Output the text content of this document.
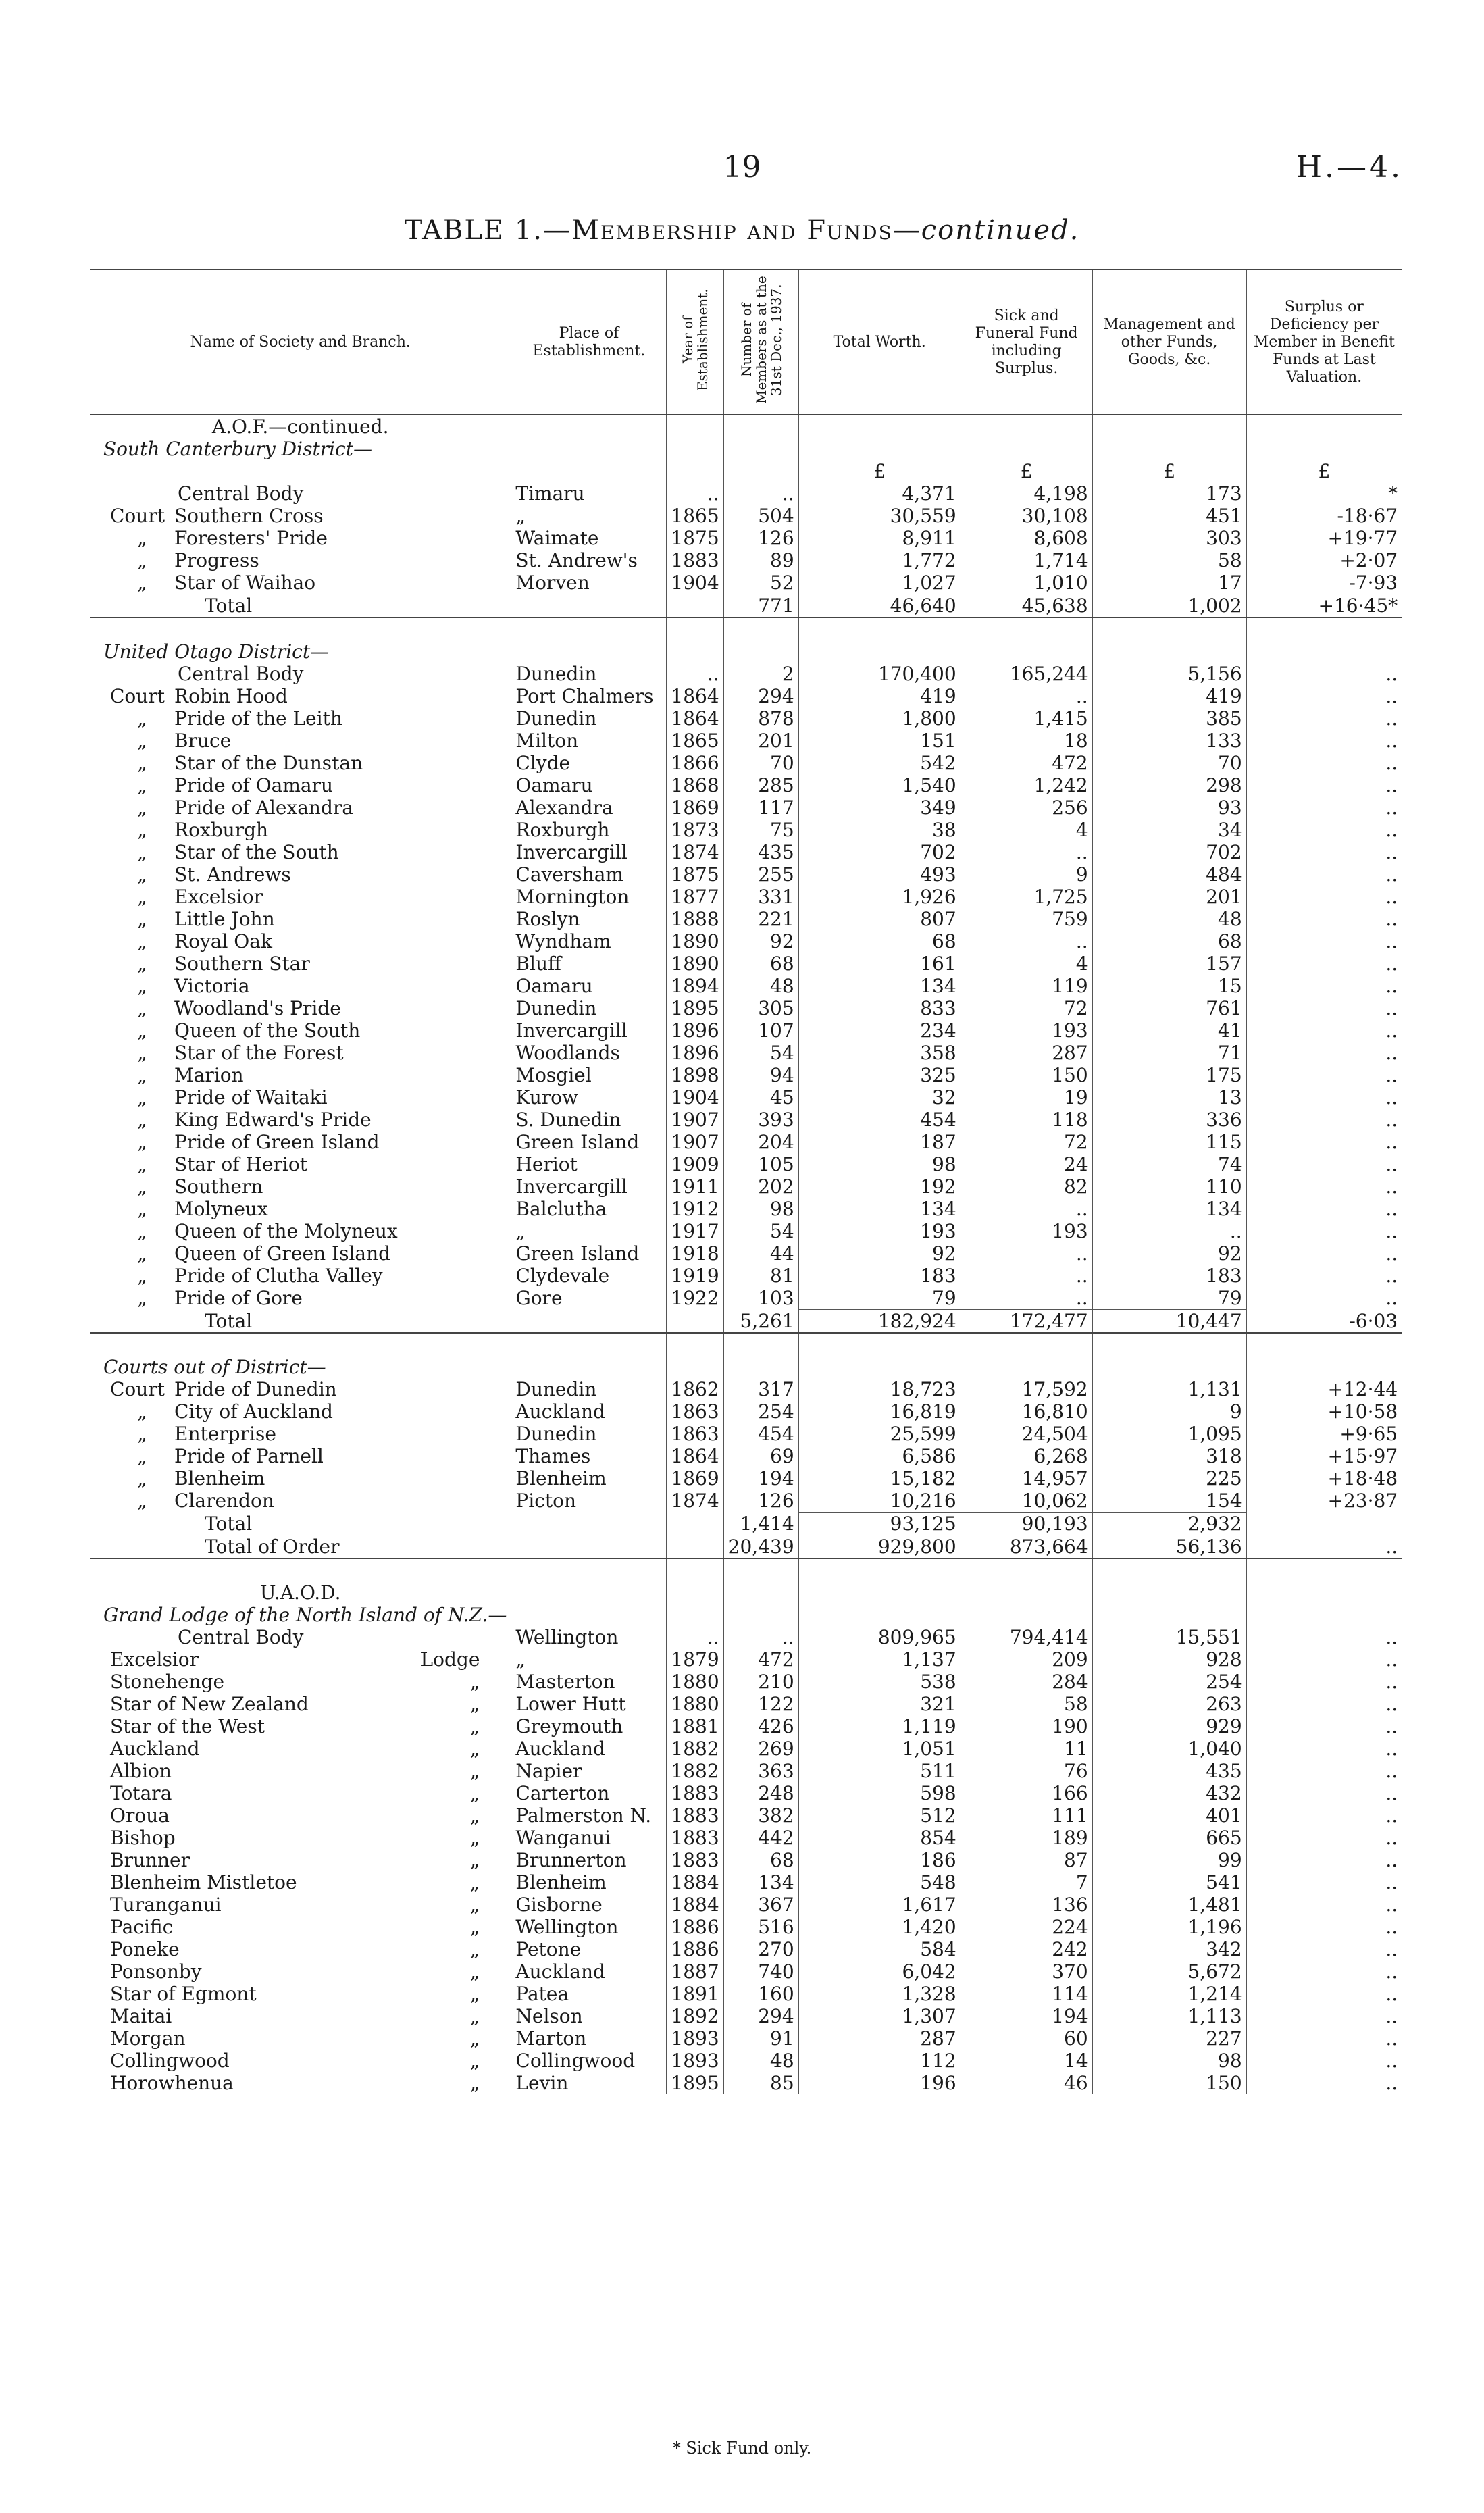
19	H.—4.
TABLE 1.—Membership and Funds—continued.
Name of Society and Branch.	Place of Establishment.	Year of Establishment.	Number of Members as at the 31st Dec., 1937.	Total Worth.	Sick and Funeral Fund including Surplus.	Management and other Funds, Goods, &c.	Surplus or Deficiency per Member in Benefit Funds at Last Valuation.
A.O.F.—continued.							
South Canterbury District—							
				£	£	£	£
Central Body	Timaru	..	..	4,371	4,198	173	*
Court Southern Cross	„	1865	504	30,559	30,108	451	-18·67
„ Foresters' Pride	Waimate	1875	126	8,911	8,608	303	+19·77
„ Progress	St. Andrew's	1883	89	1,772	1,714	58	+2·07
„ Star of Waihao	Morven	1904	52	1,027	1,010	17	-7·93
Total			771	46,640	45,638	1,002	+16·45*

United Otago District—							
Central Body	Dunedin	..	2	170,400	165,244	5,156	..
Court Robin Hood	Port Chalmers	1864	294	419	..	419	..
„ Pride of the Leith	Dunedin	1864	878	1,800	1,415	385	..
„ Bruce	Milton	1865	201	151	18	133	..
„ Star of the Dunstan	Clyde	1866	70	542	472	70	..
„ Pride of Oamaru	Oamaru	1868	285	1,540	1,242	298	..
„ Pride of Alexandra	Alexandra	1869	117	349	256	93	..
„ Roxburgh	Roxburgh	1873	75	38	4	34	..
„ Star of the South	Invercargill	1874	435	702	..	702	..
„ St. Andrews	Caversham	1875	255	493	9	484	..
„ Excelsior	Mornington	1877	331	1,926	1,725	201	..
„ Little John	Roslyn	1888	221	807	759	48	..
„ Royal Oak	Wyndham	1890	92	68	..	68	..
„ Southern Star	Bluff	1890	68	161	4	157	..
„ Victoria	Oamaru	1894	48	134	119	15	..
„ Woodland's Pride	Dunedin	1895	305	833	72	761	..
„ Queen of the South	Invercargill	1896	107	234	193	41	..
„ Star of the Forest	Woodlands	1896	54	358	287	71	..
„ Marion	Mosgiel	1898	94	325	150	175	..
„ Pride of Waitaki	Kurow	1904	45	32	19	13	..
„ King Edward's Pride	S. Dunedin	1907	393	454	118	336	..
„ Pride of Green Island	Green Island	1907	204	187	72	115	..
„ Star of Heriot	Heriot	1909	105	98	24	74	..
„ Southern	Invercargill	1911	202	192	82	110	..
„ Molyneux	Balclutha	1912	98	134	..	134	..
„ Queen of the Molyneux	„	1917	54	193	193	..	..
„ Queen of Green Island	Green Island	1918	44	92	..	92	..
„ Pride of Clutha Valley	Clydevale	1919	81	183	..	183	..
„ Pride of Gore	Gore	1922	103	79	..	79	..
Total			5,261	182,924	172,477	10,447	-6·03

Courts out of District—							
Court Pride of Dunedin	Dunedin	1862	317	18,723	17,592	1,131	+12·44
„ City of Auckland	Auckland	1863	254	16,819	16,810	9	+10·58
„ Enterprise	Dunedin	1863	454	25,599	24,504	1,095	+9·65
„ Pride of Parnell	Thames	1864	69	6,586	6,268	318	+15·97
„ Blenheim	Blenheim	1869	194	15,182	14,957	225	+18·48
„ Clarendon	Picton	1874	126	10,216	10,062	154	+23·87
Total			1,414	93,125	90,193	2,932	
Total of Order			20,439	929,800	873,664	56,136	..

U.A.O.D.							
Grand Lodge of the North Island of N.Z.—							
Central Body	Wellington	..	..	809,965	794,414	15,551	..
Excelsior Lodge	„	1879	472	1,137	209	928	..
Stonehenge „	Masterton	1880	210	538	284	254	..
Star of New Zealand „	Lower Hutt	1880	122	321	58	263	..
Star of the West „	Greymouth	1881	426	1,119	190	929	..
Auckland „	Auckland	1882	269	1,051	11	1,040	..
Albion „	Napier	1882	363	511	76	435	..
Totara „	Carterton	1883	248	598	166	432	..
Oroua „	Palmerston N.	1883	382	512	111	401	..
Bishop „	Wanganui	1883	442	854	189	665	..
Brunner „	Brunnerton	1883	68	186	87	99	..
Blenheim Mistletoe „	Blenheim	1884	134	548	7	541	..
Turanganui „	Gisborne	1884	367	1,617	136	1,481	..
Pacific „	Wellington	1886	516	1,420	224	1,196	..
Poneke „	Petone	1886	270	584	242	342	..
Ponsonby „	Auckland	1887	740	6,042	370	5,672	..
Star of Egmont „	Patea	1891	160	1,328	114	1,214	..
Maitai „	Nelson	1892	294	1,307	194	1,113	..
Morgan „	Marton	1893	91	287	60	227	..
Collingwood „	Collingwood	1893	48	112	14	98	..
Horowhenua „	Levin	1895	85	196	46	150	..
* Sick Fund only.
